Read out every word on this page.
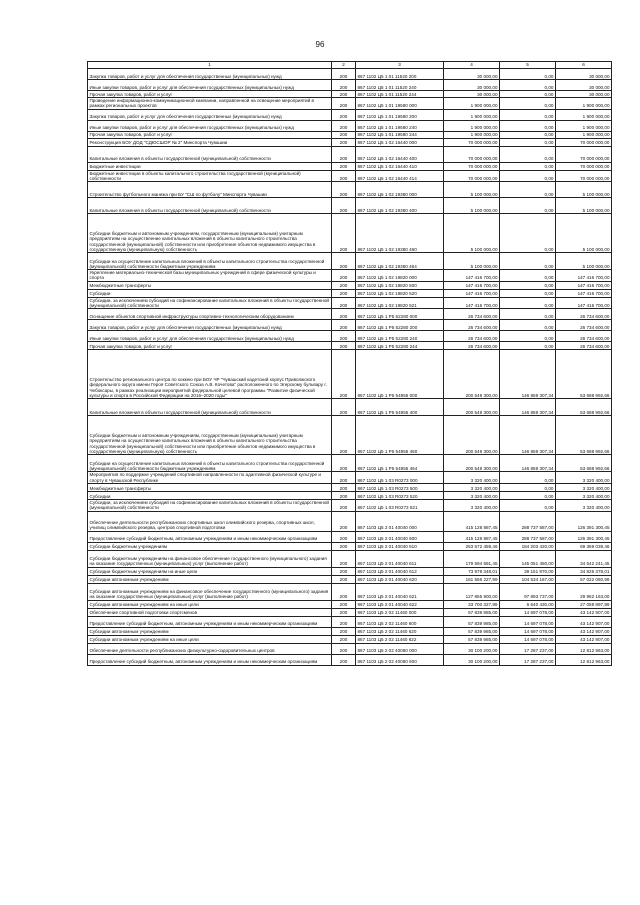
96
1	2	3	4	5	6
Закупка товаров, работ и услуг для обеспечения государственных (муниципальных) нужд	200	867 1102 Ц5 1 01 11520 200	30 000,00	0,00	30 000,00
Иные закупки товаров, работ и услуг для обеспечения государственных (муниципальных) нужд	200	867 1102 Ц5 1 01 11520 240	30 000,00	0,00	30 000,00
Прочая закупка товаров, работ и услуг	200	867 1102 Ц5 1 01 11520 244	30 000,00	0,00	30 000,00
Проведение информационно-коммуникационной кампании, направленной на освещение мероприятий в рамках региональных проектов	200	867 1102 Ц5 1 01 19580 000	1 900 000,00	0,00	1 900 000,00
Закупка товаров, работ и услуг для обеспечения государственных (муниципальных) нужд	200	867 1102 Ц5 1 01 19580 200	1 900 000,00	0,00	1 900 000,00
Иные закупки товаров, работ и услуг для обеспечения государственных (муниципальных) нужд	200	867 1102 Ц5 1 01 19580 240	1 900 000,00	0,00	1 900 000,00
Прочая закупка товаров, работ и услуг	200	867 1102 Ц5 1 01 19580 244	1 900 000,00	0,00	1 900 000,00
Реконструкция БОУ ДОД "СДЮСШОР № 2" Минспорта Чувашии	200	867 1102 Ц5 1 02 16440 000	70 000 000,00	0,00	70 000 000,00
Капитальные вложения в объекты государственной (муниципальной) собственности	200	867 1102 Ц5 1 02 16440 400	70 000 000,00	0,00	70 000 000,00
Бюджетные инвестиции	200	867 1102 Ц5 1 02 16440 410	70 000 000,00	0,00	70 000 000,00
Бюджетные инвестиции в объекты капитального строительства государственной (муниципальной) собственности	200	867 1102 Ц5 1 02 16440 414	70 000 000,00	0,00	70 000 000,00
Строительство футбольного манежа при БУ "СШ по футболу" Минспорта Чувашии	200	867 1102 Ц5 1 02 19380 000	5 100 000,00	0,00	5 100 000,00
Капитальные вложения в объекты государственной (муниципальной) собственности	200	867 1102 Ц5 1 02 19380 400	5 100 000,00	0,00	5 100 000,00
Субсидии бюджетным и автономным учреждениям, государственным (муниципальным) унитарным предприятиям на осуществление капитальных вложений в объекты капитального строительства государственной (муниципальной) собственности или приобретение объектов недвижимого имущества в государственную (муниципальную) собственность	200	867 1102 Ц5 1 02 19380 460	5 100 000,00	0,00	5 100 000,00
Субсидии на осуществление капитальных вложений в объекты капитального строительства государственной (муниципальной) собственности бюджетным учреждениям	200	867 1102 Ц5 1 02 19380 464	5 100 000,00	0,00	5 100 000,00
Укрепление материально-технической базы муниципальных учреждений в сфере физической культуры и спорта	200	867 1102 Ц5 1 02 19820 000	147 416 700,00	0,00	147 416 700,00
Межбюджетные трансферты	200	867 1102 Ц5 1 02 19820 500	147 416 700,00	0,00	147 416 700,00
Субсидии	200	867 1102 Ц5 1 02 19820 520	147 416 700,00	0,00	147 416 700,00
Субсидии, за исключением субсидий на софинансирование капитальных вложений в объекты государственной (муниципальной) собственности	200	867 1102 Ц5 1 02 19820 521	147 416 700,00	0,00	147 416 700,00
Оснащение объектов спортивной инфраструктуры спортивно-технологическим оборудованием	200	867 1102 Ц5 1 P5 52280 000	26 734 600,00	0,00	26 734 600,00
Закупка товаров, работ и услуг для обеспечения государственных (муниципальных) нужд	200	867 1102 Ц5 1 P5 52280 200	26 734 600,00	0,00	26 734 600,00
Иные закупки товаров, работ и услуг для обеспечения государственных (муниципальных) нужд	200	867 1102 Ц5 1 P5 52280 240	26 734 600,00	0,00	26 734 600,00
Прочая закупка товаров, работ и услуг	200	867 1102 Ц5 1 P5 52280 244	26 734 600,00	0,00	26 734 600,00
Строительство регионального центра по хоккею при БОУ ЧР "Чувашский кадетский корпус Приволжского федерального округа имени Героя Советского Союза А.В. Кочетова" расположенного по Эгерскому бульвару г. Чебоксары, в рамках реализации мероприятий федеральной целевой программы "Развитие физической культуры и спорта в Российской Федерации на 2016–2020 годы"	200	867 1102 Ц5 1 P5 54955 000	200 548 300,00	146 859 307,34	53 688 992,66
Капитальные вложения в объекты государственной (муниципальной) собственности	200	867 1102 Ц5 1 P5 54955 400	200 548 300,00	146 859 307,34	53 688 992,66
Субсидии бюджетным и автономным учреждениям, государственным (муниципальным) унитарным предприятиям на осуществление капитальных вложений в объекты капитального строительства государственной (муниципальной) собственности или приобретение объектов недвижимого имущества в государственную (муниципальную) собственность	200	867 1102 Ц5 1 P5 54955 460	200 548 300,00	146 859 307,34	53 688 992,66
Субсидии на осуществление капитальных вложений в объекты капитального строительства государственной (муниципальной) собственности бюджетным учреждениям	200	867 1102 Ц5 1 P5 54955 464	200 548 300,00	146 859 307,34	53 688 992,66
Мероприятия по поддержке учреждений спортивной направленности по адаптивной физической культуре и спорту в Чувашской Республике	200	867 1102 Ц5 1 03 R0273 000	3 320 400,00	0,00	3 320 400,00
Межбюджетные трансферты	200	867 1102 Ц5 1 03 R0273 500	3 320 400,00	0,00	3 320 400,00
Субсидии	200	867 1102 Ц5 1 03 R0273 520	3 320 400,00	0,00	3 320 400,00
Субсидии, за исключением субсидий на софинансирование капитальных вложений в объекты государственной (муниципальной) собственности	200	867 1102 Ц5 1 03 R0273 521	3 320 400,00	0,00	3 320 400,00
Обеспечение деятельности республиканских спортивных школ олимпийского резерва, спортивных школ, училищ олимпийского резерва, центров спортивной подготовки	200	867 1103 Ц5 2 01 40040 000	415 128 887,45	288 737 587,00	126 391 300,45
Предоставление субсидий бюджетным, автономным учреждениям и иным некоммерческим организациям	200	867 1103 Ц5 2 01 40040 600	415 128 887,45	288 737 587,00	126 391 300,45
Субсидии бюджетным учреждениям	200	867 1103 Ц5 2 01 40040 610	253 572 459,46	184 203 420,00	69 369 039,46
Субсидии бюджетным учреждениям на финансовое обеспечение государственного (муниципального) задания на оказание государственных (муниципальных) услуг (выполнение работ)	200	867 1103 Ц5 2 01 40040 611	179 594 691,45	145 051 450,00	34 542 241,45
Субсидии бюджетным учреждениям на иные цели	200	867 1103 Ц5 2 01 40040 612	73 978 348,01	39 151 970,00	34 826 378,01
Субсидии автономным учреждениям	200	867 1103 Ц5 2 01 40040 620	161 556 227,99	104 534 167,00	57 022 060,99
Субсидии автономным учреждениям на финансовое обеспечение государственного (муниципального) задания на оказание государственных (муниципальных) услуг (выполнение работ)	200	867 1103 Ц5 2 01 40040 621	127 855 900,00	97 893 737,00	29 962 163,00
Субсидии автономным учреждениям на иные цели	200	867 1103 Ц5 2 01 40040 622	33 700 327,99	6 640 430,00	27 059 897,99
Обеспечение спортивной подготовки спортсменов	200	867 1103 Ц5 2 02 11460 000	57 839 985,00	14 697 078,00	43 142 907,00
Предоставление субсидий бюджетным, автономным учреждениям и иным некоммерческим организациям	200	867 1103 Ц5 2 02 11460 600	57 839 985,00	14 697 078,00	43 142 907,00
Субсидии автономным учреждениям	200	867 1103 Ц5 2 02 11460 620	57 839 985,00	14 697 078,00	43 142 907,00
Субсидии автономным учреждениям на иные цели	200	867 1103 Ц5 2 02 11460 622	57 839 985,00	14 697 078,00	43 142 907,00
Обеспечение деятельности республиканских физкультурно-оздоровительных центров	200	867 1103 Ц5 2 02 40060 000	30 100 200,00	17 287 237,00	12 812 963,00
Предоставление субсидий бюджетным, автономным учреждениям и иным некоммерческим организациям	200	867 1103 Ц5 2 02 40060 600	30 100 200,00	17 287 237,00	12 812 963,00
